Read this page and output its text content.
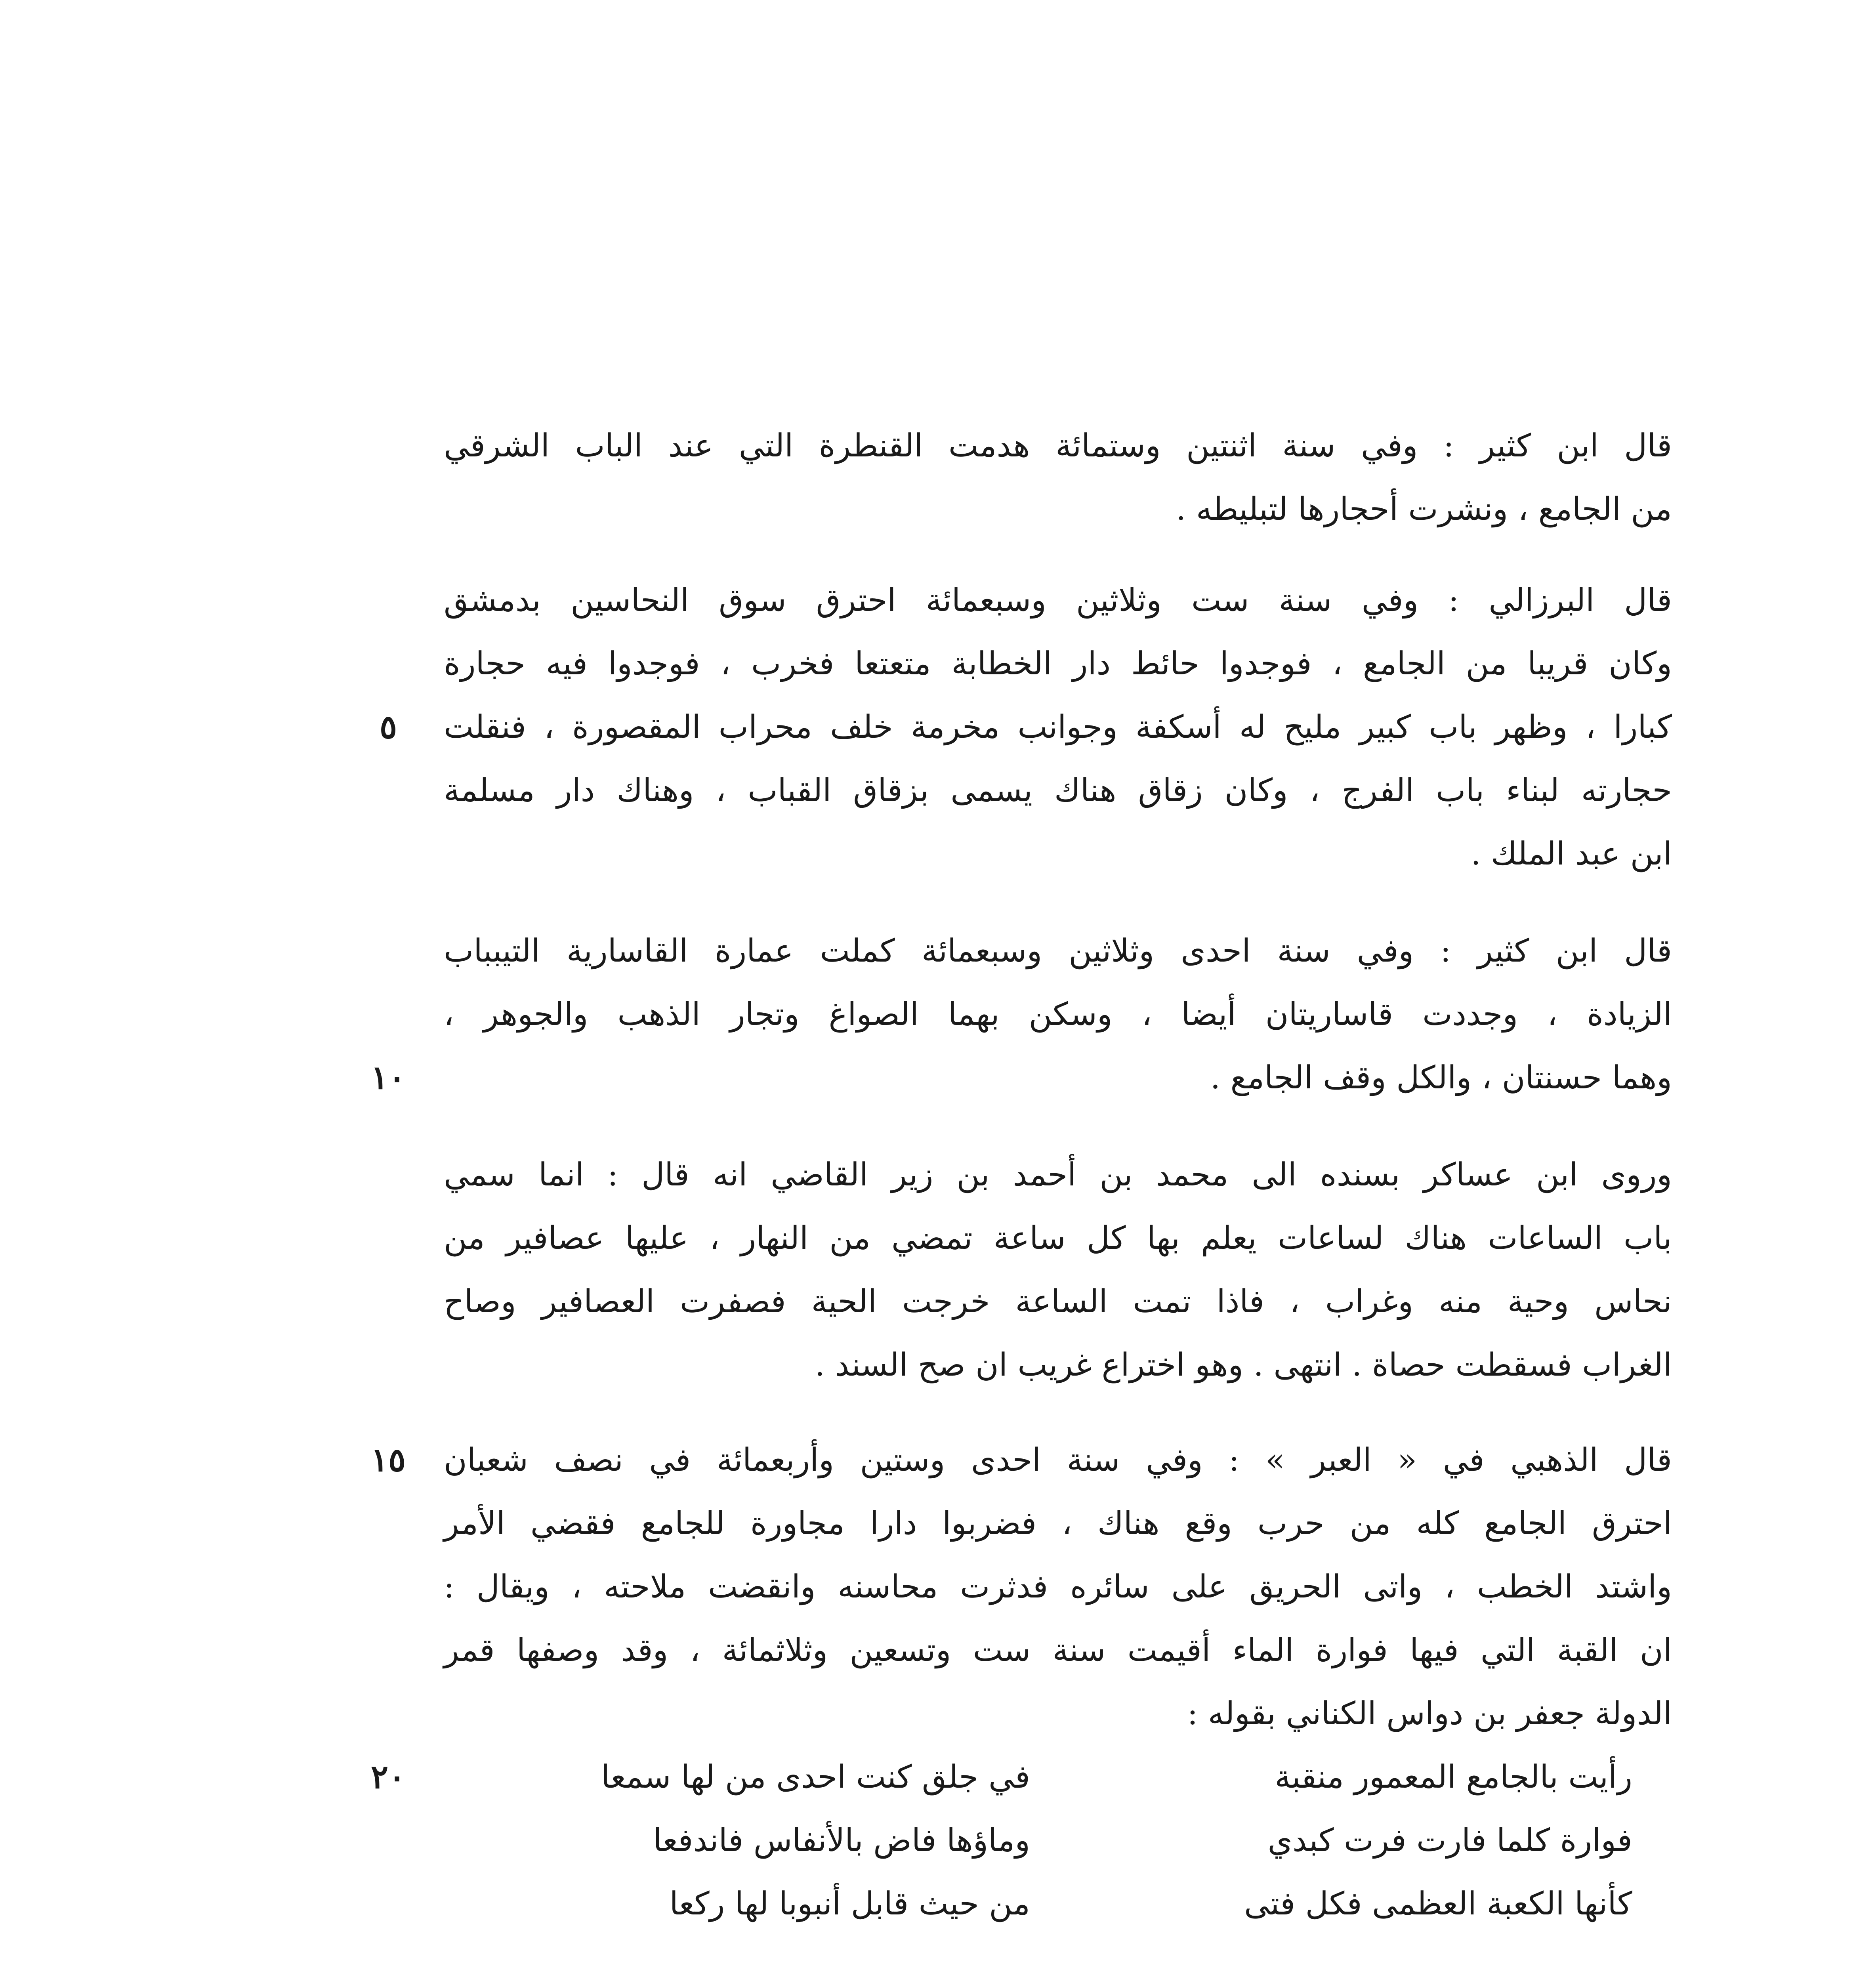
قال ابن كثير : وفي سنة اثنتين وستمائة هدمت القنطرة التي عند الباب الشرقي
من الجامع ، ونشرت أحجارها لتبليطه .
قال البرزالي : وفي سنة ست وثلاثين وسبعمائة احترق سوق النحاسين بدمشق
وكان قريبا من الجامع ، فوجدوا حائط دار الخطابة متعتعا فخرب ، فوجدوا فيه حجارة
كبارا ، وظهر باب كبير مليح له أسكفة وجوانب مخرمة خلف محراب المقصورة ، فنقلت
حجارته لبناء باب الفرج ، وكان زقاق هناك يسمى بزقاق القباب ، وهناك دار مسلمة
ابن عبد الملك .
قال ابن كثير : وفي سنة احدى وثلاثين وسبعمائة كملت عمارة القاسارية التيبباب
الزيادة ، وجددت قاساريتان أيضا ، وسكن بهما الصواغ وتجار الذهب والجوهر ،
وهما حسنتان ، والكل وقف الجامع .
وروى ابن عساكر بسنده الى محمد بن أحمد بن زير القاضي انه قال : انما سمي
باب الساعات هناك لساعات يعلم بها كل ساعة تمضي من النهار ، عليها عصافير من
نحاس وحية منه وغراب ، فاذا تمت الساعة خرجت الحية فصفرت العصافير وصاح
الغراب فسقطت حصاة . انتهى . وهو اختراع غريب ان صح السند .
قال الذهبي في « العبر » : وفي سنة احدى وستين وأربعمائة في نصف شعبان
احترق الجامع كله من حرب وقع هناك ، فضربوا دارا مجاورة للجامع فقضي الأمر
واشتد الخطب ، واتى الحريق على سائره فدثرت محاسنه وانقضت ملاحته ، ويقال :
ان القبة التي فيها فوارة الماء أقيمت سنة ست وتسعين وثلاثمائة ، وقد وصفها قمر
الدولة جعفر بن دواس الكناني بقوله :
رأيت بالجامع المعمور منقبة
في جلق كنت احدى من لها سمعا
فوارة كلما فارت فرت كبدي
وماؤها فاض بالأنفاس فاندفعا
كأنها الكعبة العظمى فكل فتى
من حيث قابل أنبوبا لها ركعا
٥
١٠
١٥
٢٠
